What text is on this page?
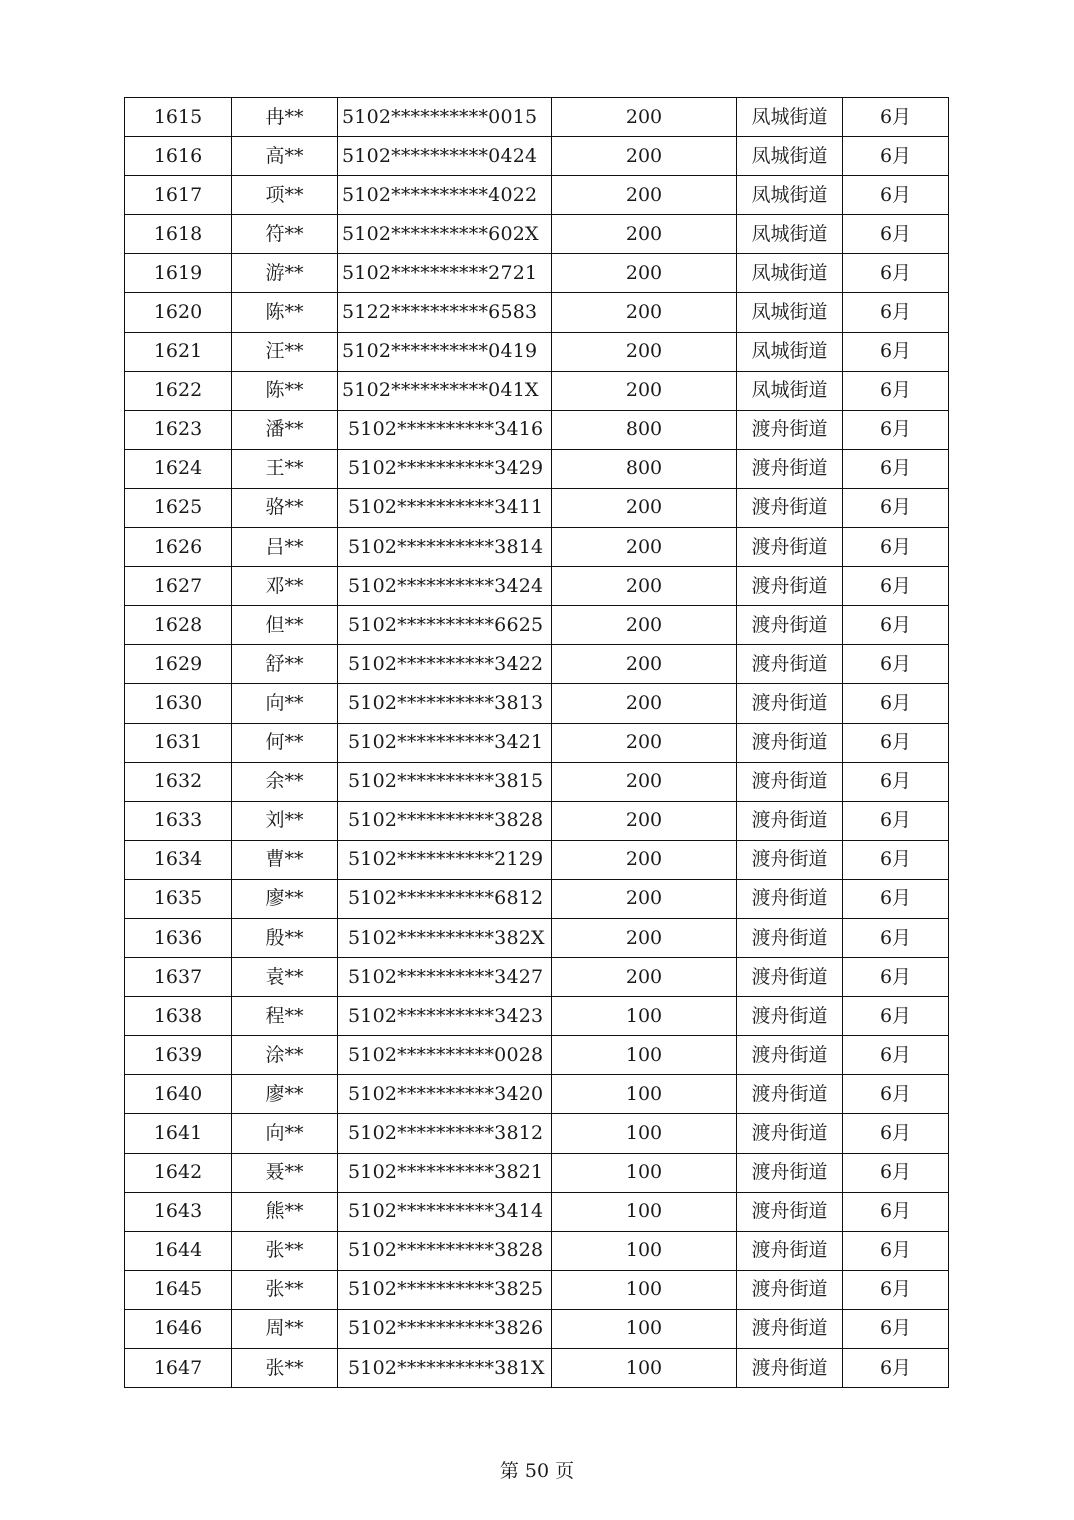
1615	冉**	5102**********0015	200	凤城街道	6月
1616	高**	5102**********0424	200	凤城街道	6月
1617	项**	5102**********4022	200	凤城街道	6月
1618	符**	5102**********602X	200	凤城街道	6月
1619	游**	5102**********2721	200	凤城街道	6月
1620	陈**	5122**********6583	200	凤城街道	6月
1621	汪**	5102**********0419	200	凤城街道	6月
1622	陈**	5102**********041X	200	凤城街道	6月
1623	潘**	5102**********3416	800	渡舟街道	6月
1624	王**	5102**********3429	800	渡舟街道	6月
1625	骆**	5102**********3411	200	渡舟街道	6月
1626	吕**	5102**********3814	200	渡舟街道	6月
1627	邓**	5102**********3424	200	渡舟街道	6月
1628	但**	5102**********6625	200	渡舟街道	6月
1629	舒**	5102**********3422	200	渡舟街道	6月
1630	向**	5102**********3813	200	渡舟街道	6月
1631	何**	5102**********3421	200	渡舟街道	6月
1632	余**	5102**********3815	200	渡舟街道	6月
1633	刘**	5102**********3828	200	渡舟街道	6月
1634	曹**	5102**********2129	200	渡舟街道	6月
1635	廖**	5102**********6812	200	渡舟街道	6月
1636	殷**	5102**********382X	200	渡舟街道	6月
1637	袁**	5102**********3427	200	渡舟街道	6月
1638	程**	5102**********3423	100	渡舟街道	6月
1639	涂**	5102**********0028	100	渡舟街道	6月
1640	廖**	5102**********3420	100	渡舟街道	6月
1641	向**	5102**********3812	100	渡舟街道	6月
1642	聂**	5102**********3821	100	渡舟街道	6月
1643	熊**	5102**********3414	100	渡舟街道	6月
1644	张**	5102**********3828	100	渡舟街道	6月
1645	张**	5102**********3825	100	渡舟街道	6月
1646	周**	5102**********3826	100	渡舟街道	6月
1647	张**	5102**********381X	100	渡舟街道	6月
第 50 页
